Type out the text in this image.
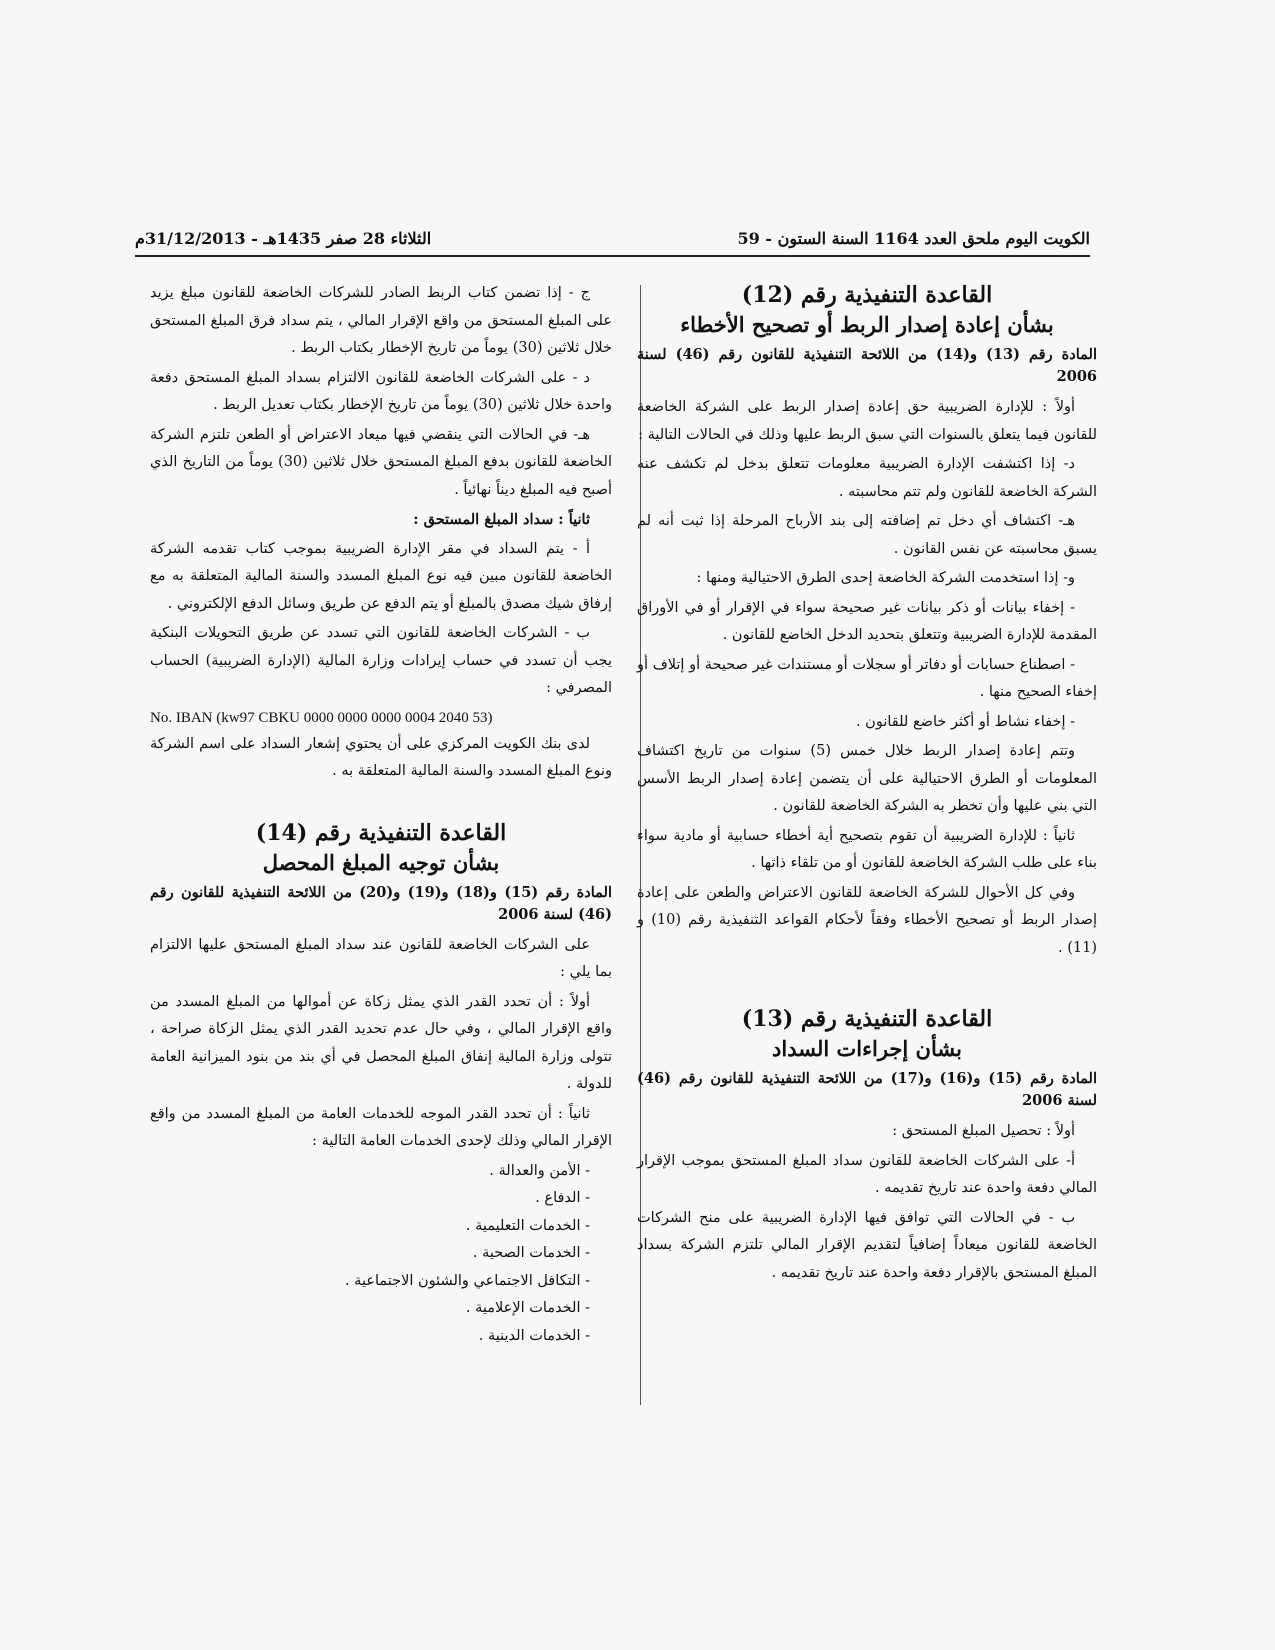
الكويت اليوم ملحق العدد 1164 السنة الستون - 59
الثلاثاء 28 صفر 1435هـ - 31/12/2013م
القاعدة التنفيذية رقم (12)
بشأن إعادة إصدار الربط أو تصحيح الأخطاء
المادة رقم (13) و(14) من اللائحة التنفيذية للقانون رقم (46) لسنة 2006

أولاً : للإدارة الضريبية حق إعادة إصدار الربط على الشركة الخاضعة للقانون فيما يتعلق بالسنوات التي سبق الربط عليها وذلك في الحالات التالية :

د- إذا اكتشفت الإدارة الضريبية معلومات تتعلق بدخل لم تكشف عنه الشركة الخاضعة للقانون ولم تتم محاسبته .

هـ- اكتشاف أي دخل تم إضافته إلى بند الأرباح المرحلة إذا ثبت أنه لم يسبق محاسبته عن نفس القانون .

و- إذا استخدمت الشركة الخاضعة إحدى الطرق الاحتيالية ومنها :

- إخفاء بيانات أو ذكر بيانات غير صحيحة سواء في الإقرار أو في الأوراق المقدمة للإدارة الضريبية وتتعلق بتحديد الدخل الخاضع للقانون .

- اصطناع حسابات أو دفاتر أو سجلات أو مستندات غير صحيحة أو إتلاف أو إخفاء الصحيح منها .

- إخفاء نشاط أو أكثر خاضع للقانون .

وتتم إعادة إصدار الربط خلال خمس (5) سنوات من تاريخ اكتشاف المعلومات أو الطرق الاحتيالية على أن يتضمن إعادة إصدار الربط الأسس التي بني عليها وأن تخطر به الشركة الخاضعة للقانون .

ثانياً : للإدارة الضريبية أن تقوم بتصحيح أية أخطاء حسابية أو مادية سواء بناء على طلب الشركة الخاضعة للقانون أو من تلقاء ذاتها .

وفي كل الأحوال للشركة الخاضعة للقانون الاعتراض والطعن على إعادة إصدار الربط أو تصحيح الأخطاء وفقاً لأحكام القواعد التنفيذية رقم (10) و (11) .

القاعدة التنفيذية رقم (13)
بشأن إجراءات السداد
المادة رقم (15) و(16) و(17) من اللائحة التنفيذية للقانون رقم (46) لسنة 2006

أولاً : تحصيل المبلغ المستحق :

أ- على الشركات الخاضعة للقانون سداد المبلغ المستحق بموجب الإقرار المالي دفعة واحدة عند تاريخ تقديمه .

ب - في الحالات التي توافق فيها الإدارة الضريبية على منح الشركات الخاضعة للقانون ميعاداً إضافياً لتقديم الإقرار المالي تلتزم الشركة بسداد المبلغ المستحق بالإقرار دفعة واحدة عند تاريخ تقديمه .

ج - إذا تضمن كتاب الربط الصادر للشركات الخاضعة للقانون مبلغ يزيد على المبلغ المستحق من واقع الإقرار المالي ، يتم سداد فرق المبلغ المستحق خلال ثلاثين (30) يوماً من تاريخ الإخطار بكتاب الربط .

د - على الشركات الخاضعة للقانون الالتزام بسداد المبلغ المستحق دفعة واحدة خلال ثلاثين (30) يوماً من تاريخ الإخطار بكتاب تعديل الربط .

هـ- في الحالات التي ينقضي فيها ميعاد الاعتراض أو الطعن تلتزم الشركة الخاضعة للقانون بدفع المبلغ المستحق خلال ثلاثين (30) يوماً من التاريخ الذي أصبح فيه المبلغ ديناً نهائياً .

ثانياً : سداد المبلغ المستحق :

أ - يتم السداد في مقر الإدارة الضريبية بموجب كتاب تقدمه الشركة الخاضعة للقانون مبين فيه نوع المبلغ المسدد والسنة المالية المتعلقة به مع إرفاق شيك مصدق بالمبلغ أو يتم الدفع عن طريق وسائل الدفع الإلكتروني .

ب - الشركات الخاضعة للقانون التي تسدد عن طريق التحويلات البنكية يجب أن تسدد في حساب إيرادات وزارة المالية (الإدارة الضريبية) الحساب المصرفي :

No. IBAN (kw97 CBKU 0000 0000 0000 0004 2040 53)

لدى بنك الكويت المركزي على أن يحتوي إشعار السداد على اسم الشركة ونوع المبلغ المسدد والسنة المالية المتعلقة به .

القاعدة التنفيذية رقم (14)
بشأن توجيه المبلغ المحصل
المادة رقم (15) و(18) و(19) و(20) من اللائحة التنفيذية للقانون رقم (46) لسنة 2006

على الشركات الخاضعة للقانون عند سداد المبلغ المستحق عليها الالتزام بما يلي :

أولاً : أن تحدد القدر الذي يمثل زكاة عن أموالها من المبلغ المسدد من واقع الإقرار المالي ، وفي حال عدم تحديد القدر الذي يمثل الزكاة صراحة ، تتولى وزارة المالية إنفاق المبلغ المحصل في أي بند من بنود الميزانية العامة للدولة .

ثانياً : أن تحدد القدر الموجه للخدمات العامة من المبلغ المسدد من واقع الإقرار المالي وذلك لإحدى الخدمات العامة التالية :

- الأمن والعدالة .

- الدفاع .

- الخدمات التعليمية .

- الخدمات الصحية .

- التكافل الاجتماعي والشئون الاجتماعية .

- الخدمات الإعلامية .

- الخدمات الدينية .
